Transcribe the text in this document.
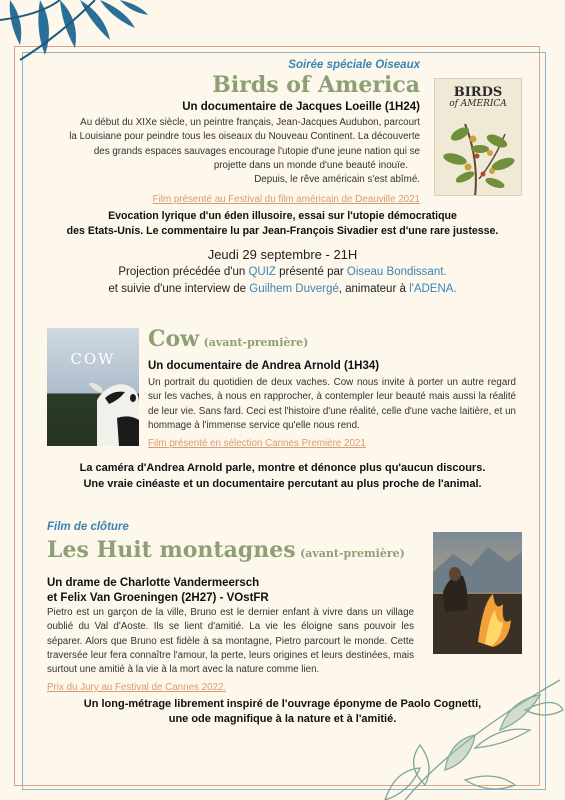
Soirée spéciale Oiseaux
Birds of America
Un documentaire de Jacques Loeille (1H24)
Au début du XIXe siècle, un peintre français, Jean-Jacques Audubon, parcourt
la Louisiane pour peindre tous les oiseaux du Nouveau Continent. La découverte
des grands espaces sauvages encourage l'utopie d'une jeune nation qui se
projette dans un monde d'une beauté inouïe.
Depuis, le rêve américain s'est abîmé.
Film présenté au Festival du film américain de Deauville 2021
BIRDS
of AMERICA
Evocation lyrique d'un éden illusoire, essai sur l'utopie démocratique
des Etats-Unis. Le commentaire lu par Jean-François Sivadier est d'une rare justesse.
Jeudi 29 septembre - 21H
Projection précédée d'un QUIZ présenté par Oiseau Bondissant.
et suivie d'une interview de Guilhem Duvergé, animateur à l'ADENA.
COW
Cow (avant-première)
Un documentaire de Andrea Arnold (1H34)
Un portrait du quotidien de deux vaches. Cow nous invite à porter un autre regard sur les vaches, à nous en rapprocher, à contempler leur beauté mais aussi la réalité de leur vie. Sans fard. Ceci est l'histoire d'une réalité, celle d'une vache laitière, et un hommage à l'immense service qu'elle nous rend.
Film présenté en sélection Cannes Première 2021
La caméra d'Andrea Arnold parle, montre et dénonce plus qu'aucun discours.
Une vraie cinéaste et un documentaire percutant au plus proche de l'animal.
Film de clôture
Les Huit montagnes (avant-première)
Un drame de Charlotte Vandermeersch
et Felix Van Groeningen (2H27) - VOstFR
Pietro est un garçon de la ville, Bruno est le dernier enfant à vivre dans un village oublié du Val d'Aoste. Ils se lient d'amitié. La vie les éloigne sans pouvoir les séparer. Alors que Bruno est fidèle à sa montagne, Pietro parcourt le monde. Cette traversée leur fera connaître l'amour, la perte, leurs origines et leurs destinées, mais surtout une amitié à la vie à la mort avec la nature comme lien.
Prix du Jury au Festival de Cannes 2022.
Un long-métrage librement inspiré de l'ouvrage éponyme de Paolo Cognetti,
une ode magnifique à la nature et à l'amitié.
